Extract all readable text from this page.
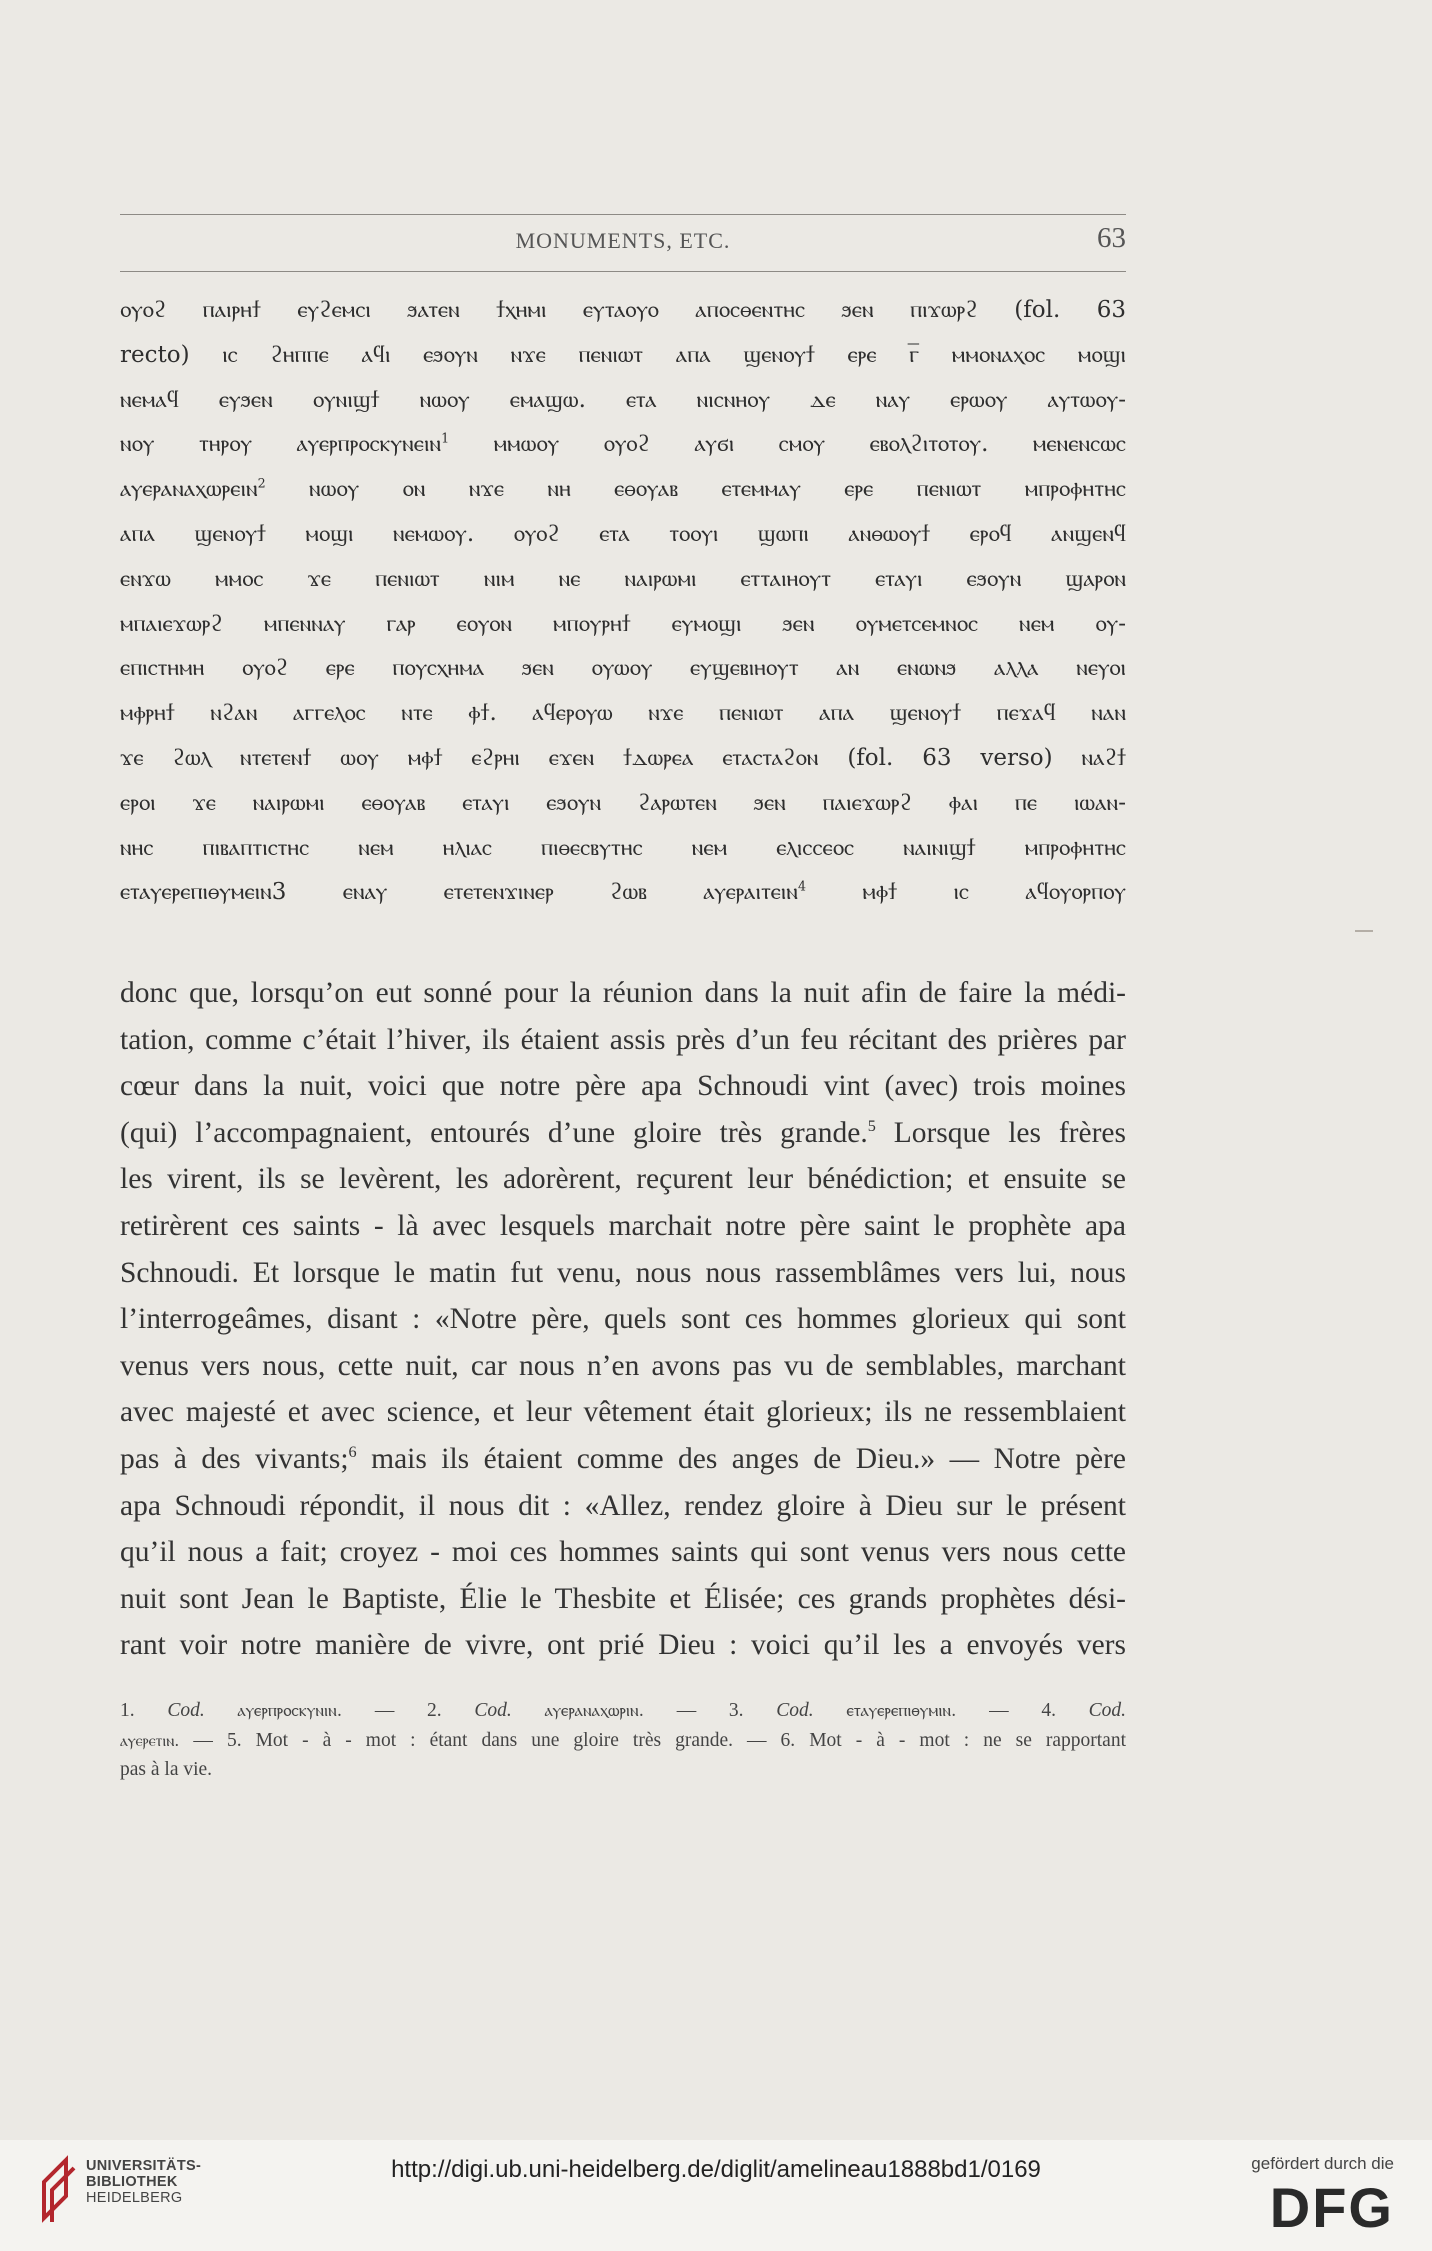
MONUMENTS, ETC.	63
ⲟⲩⲟϩ ⲡⲁⲓⲣⲏϯ ⲉⲩϩⲉⲙⲥⲓ ϧⲁⲧⲉⲛ ϯⲭⲏⲙⲓ ⲉⲩⲧⲁⲟⲩⲟ ⲁⲡⲟⲥⲑⲉⲛⲧⲏⲥ ϧⲉⲛ ⲡⲓϫⲱⲣϩ (fol. 63
recto) ⲓⲥ ϩⲏⲡⲡⲉ ⲁϥⲓ ⲉϧⲟⲩⲛ ⲛϫⲉ ⲡⲉⲛⲓⲱⲧ ⲁⲡⲁ ϣⲉⲛⲟⲩϯ ⲉⲣⲉ ⲅ̅ ⲙⲙⲟⲛⲁⲭⲟⲥ ⲙⲟϣⲓ
ⲛⲉⲙⲁϥ ⲉⲩϧⲉⲛ ⲟⲩⲛⲓϣϯ ⲛⲱⲟⲩ ⲉⲙⲁϣⲱ. ⲉⲧⲁ ⲛⲓⲥⲛⲏⲟⲩ ⲇⲉ ⲛⲁⲩ ⲉⲣⲱⲟⲩ ⲁⲩⲧⲱⲟⲩ-
ⲛⲟⲩ ⲧⲏⲣⲟⲩ ⲁⲩⲉⲣⲡⲣⲟⲥⲕⲩⲛⲉⲓⲛ$^1$ ⲙⲙⲱⲟⲩ ⲟⲩⲟϩ ⲁⲩϭⲓ ⲥⲙⲟⲩ ⲉⲃⲟⲗϩⲓⲧⲟⲧⲟⲩ. ⲙⲉⲛⲉⲛⲥⲱⲥ
ⲁⲩⲉⲣⲁⲛⲁⲭⲱⲣⲉⲓⲛ$^2$ ⲛⲱⲟⲩ ⲟⲛ ⲛϫⲉ ⲛⲏ ⲉⲑⲟⲩⲁⲃ ⲉⲧⲉⲙⲙⲁⲩ ⲉⲣⲉ ⲡⲉⲛⲓⲱⲧ ⲙⲡⲣⲟⲫⲏⲧⲏⲥ
ⲁⲡⲁ ϣⲉⲛⲟⲩϯ ⲙⲟϣⲓ ⲛⲉⲙⲱⲟⲩ. ⲟⲩⲟϩ ⲉⲧⲁ ⲧⲟⲟⲩⲓ ϣⲱⲡⲓ ⲁⲛⲑⲱⲟⲩϯ ⲉⲣⲟϥ ⲁⲛϣⲉⲛϥ
ⲉⲛϫⲱ ⲙⲙⲟⲥ ϫⲉ ⲡⲉⲛⲓⲱⲧ ⲛⲓⲙ ⲛⲉ ⲛⲁⲓⲣⲱⲙⲓ ⲉⲧⲧⲁⲓⲏⲟⲩⲧ ⲉⲧⲁⲩⲓ ⲉϧⲟⲩⲛ ϣⲁⲣⲟⲛ
ⲙⲡⲁⲓⲉϫⲱⲣϩ ⲙⲡⲉⲛⲛⲁⲩ ⲅⲁⲣ ⲉⲟⲩⲟⲛ ⲙⲡⲟⲩⲣⲏϯ ⲉⲩⲙⲟϣⲓ ϧⲉⲛ ⲟⲩⲙⲉⲧⲥⲉⲙⲛⲟⲥ ⲛⲉⲙ ⲟⲩ-
ⲉⲡⲓⲥⲧⲏⲙⲏ ⲟⲩⲟϩ ⲉⲣⲉ ⲡⲟⲩⲥⲭⲏⲙⲁ ϧⲉⲛ ⲟⲩⲱⲟⲩ ⲉⲩϣⲉⲃⲓⲏⲟⲩⲧ ⲁⲛ ⲉⲛⲱⲛϧ ⲁⲗⲗⲁ ⲛⲉⲩⲟⲓ
ⲙⲫⲣⲏϯ ⲛϩⲁⲛ ⲁⲅⲅⲉⲗⲟⲥ ⲛⲧⲉ ⲫϯ. ⲁϥⲉⲣⲟⲩⲱ ⲛϫⲉ ⲡⲉⲛⲓⲱⲧ ⲁⲡⲁ ϣⲉⲛⲟⲩϯ ⲡⲉϫⲁϥ ⲛⲁⲛ
ϫⲉ ϩⲱⲗ ⲛⲧⲉⲧⲉⲛϯ ⲱⲟⲩ ⲙⲫϯ ⲉϩⲣⲏⲓ ⲉϫⲉⲛ ϯⲇⲱⲣⲉⲁ ⲉⲧⲁⲥⲧⲁϩⲟⲛ (fol. 63 verso) ⲛⲁϩϯ
ⲉⲣⲟⲓ ϫⲉ ⲛⲁⲓⲣⲱⲙⲓ ⲉⲑⲟⲩⲁⲃ ⲉⲧⲁⲩⲓ ⲉϧⲟⲩⲛ ϩⲁⲣⲱⲧⲉⲛ ϧⲉⲛ ⲡⲁⲓⲉϫⲱⲣϩ ⲫⲁⲓ ⲡⲉ ⲓⲱⲁⲛ-
ⲛⲏⲥ ⲡⲓⲃⲁⲡⲧⲓⲥⲧⲏⲥ ⲛⲉⲙ ⲏⲗⲓⲁⲥ ⲡⲓⲑⲉⲥⲃⲩⲧⲏⲥ ⲛⲉⲙ ⲉⲗⲓⲥⲥⲉⲟⲥ ⲛⲁⲓⲛⲓϣϯ ⲙⲡⲣⲟⲫⲏⲧⲏⲥ
ⲉⲧⲁⲩⲉⲣⲉⲡⲓⲑⲩⲙⲉⲓⲛ3 ⲉⲛⲁⲩ ⲉⲧⲉⲧⲉⲛϫⲓⲛⲉⲣ ϩⲱⲃ ⲁⲩⲉⲣⲁⲓⲧⲉⲓⲛ$^4$ ⲙⲫϯ ⲓⲥ ⲁϥⲟⲩⲟⲣⲡⲟⲩ
donc que, lorsqu’on eut sonné pour la réunion dans la nuit afin de faire la médi-
tation, comme c’était l’hiver, ils étaient assis près d’un feu récitant des prières par
cœur dans la nuit, voici que notre père apa Schnoudi vint (avec) trois moines
(qui) l’accompagnaient, entourés d’une gloire très grande.$^5$ Lorsque les frères
les virent, ils se levèrent, les adorèrent, reçurent leur bénédiction; et ensuite se
retirèrent ces saints - là avec lesquels marchait notre père saint le prophète apa
Schnoudi. Et lorsque le matin fut venu, nous nous rassemblâmes vers lui, nous
l’interrogeâmes, disant : «Notre père, quels sont ces hommes glorieux qui sont
venus vers nous, cette nuit, car nous n’en avons pas vu de semblables, marchant
avec majesté et avec science, et leur vêtement était glorieux; ils ne ressemblaient
pas à des vivants;$^6$ mais ils étaient comme des anges de Dieu.» — Notre père
apa Schnoudi répondit, il nous dit : «Allez, rendez gloire à Dieu sur le présent
qu’il nous a fait; croyez - moi ces hommes saints qui sont venus vers nous cette
nuit sont Jean le Baptiste, Élie le Thesbite et Élisée; ces grands prophètes dési-
rant voir notre manière de vivre, ont prié Dieu : voici qu’il les a envoyés vers
1. Cod. ⲁⲩⲉⲣⲡⲣⲟⲥⲕⲩⲛⲓⲛ. — 2. Cod. ⲁⲩⲉⲣⲁⲛⲁⲭⲱⲣⲓⲛ. — 3. Cod. ⲉⲧⲁⲩⲉⲣⲉⲡⲓⲑⲩⲙⲓⲛ. — 4. Cod.
ⲁⲩⲉⲣⲉⲧⲓⲛ. — 5. Mot - à - mot : étant dans une gloire très grande. — 6. Mot - à - mot : ne se rapportant
pas à la vie.
UNIVERSITÄTS-
BIBLIOTHEK
HEIDELBERG
http://digi.ub.uni-heidelberg.de/diglit/amelineau1888bd1/0169	gefördert durch die
DFG
